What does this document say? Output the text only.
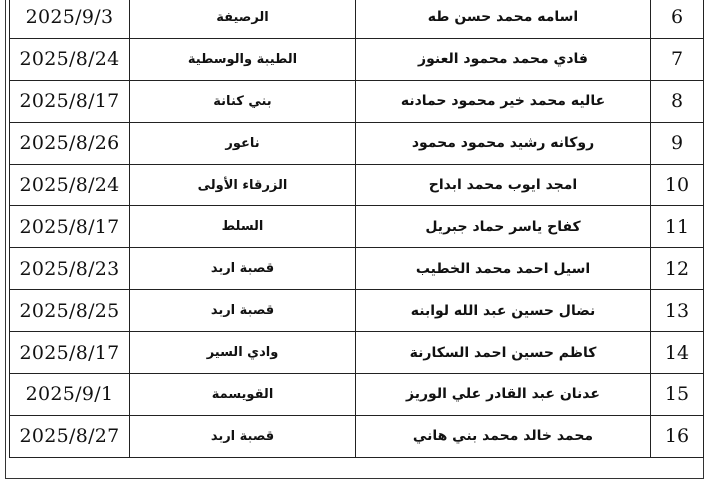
6	اسامه محمد حسن طه	الرصيفة	2025/9/3
7	فادي محمد محمود العنوز	الطيبة والوسطية	2025/8/24
8	عاليه محمد خير محمود حمادنه	بني كنانة	2025/8/17
9	روكانه رشيد محمود محمود	ناعور	2025/8/26
10	امجد ايوب محمد ابداح	الزرقاء الأولى	2025/8/24
11	كفاح ياسر حماد جبريل	السلط	2025/8/17
12	اسيل احمد محمد الخطيب	قصبة اربد	2025/8/23
13	نضال حسين عبد الله لوابنه	قصبة اربد	2025/8/25
14	كاظم حسين احمد السكارنة	وادي السير	2025/8/17
15	عدنان عبد القادر علي الوريز	القويسمة	2025/9/1
16	محمد خالد محمد بني هاني	قصبة اربد	2025/8/27
